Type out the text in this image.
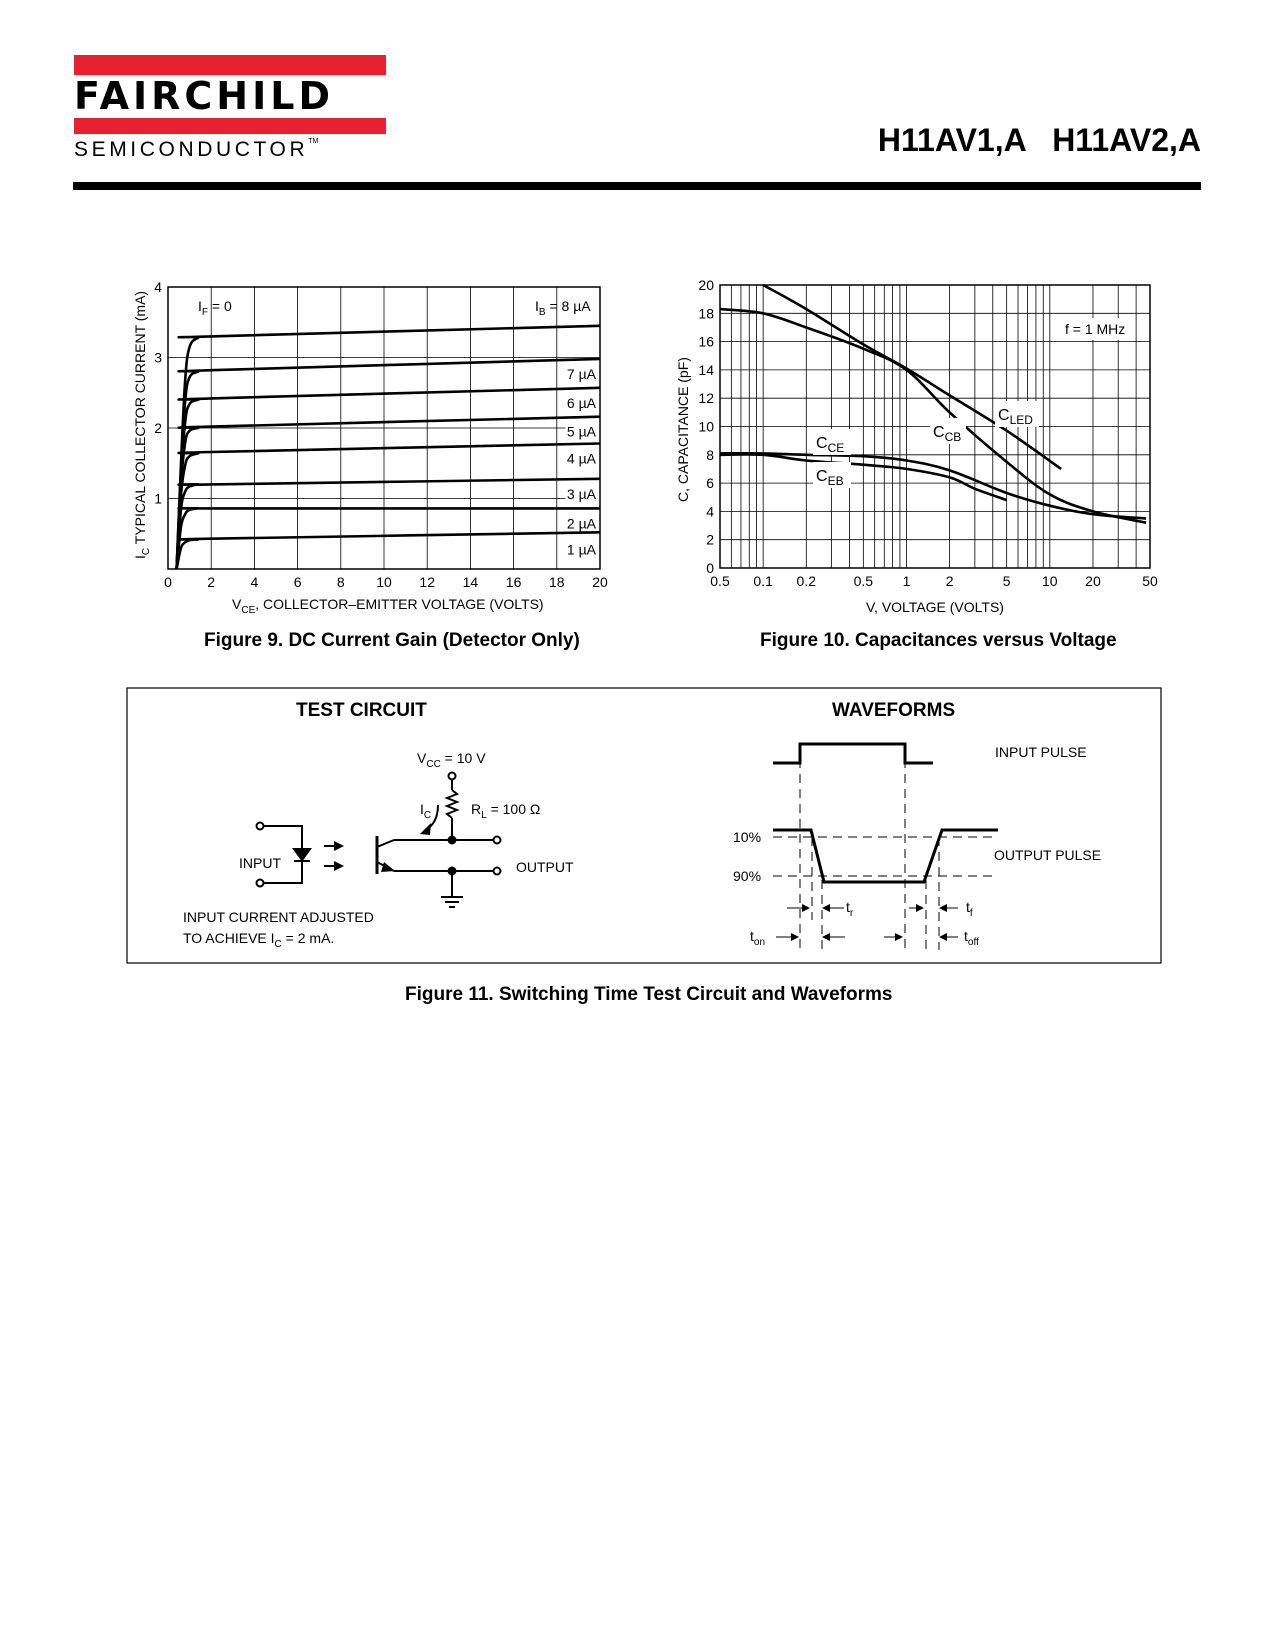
FAIRCHILD
SEMICONDUCTOR™	H11AV1,A   H11AV2,A
7 µA
6 µA
5 µA
4 µA
3 µA
2 µA
1 µA
0	2	4	6	8 10 12 14 16 18 20
1
2
3
4
$I_F = 0$	$I_B = 8$ µA
$I_C$ TYPICAL COLLECTOR CURRENT (mA)
$V_{CE}$, COLLECTOR–EMITTER VOLTAGE (VOLTS)
Figure 9. DC Current Gain (Detector Only)
0.5 0.1 0.2	0.5 1	2	5 10 20	50
0
2
4
6
8
10
12
14
16
18
20
f = 1 MHz
C, CAPACITANCE (pF)
V, VOLTAGE (VOLTS)
$C_{LED}$
$C_{CB}$
$C_{CE}$
$C_{EB}$
Figure 10. Capacitances versus Voltage
TEST CIRCUIT	WAVEFORMS
$V_{CC} = 10$ V
$R_L = 100$ Ω
$I_C$
INPUT	OUTPUT
INPUT CURRENT ADJUSTED
TO ACHIEVE $I_C = 2$ mA.
INPUT PULSE
OUTPUT PULSE
10%
90%
$t_r$	$t_f$
$t_{on}$	$t_{off}$
Figure 11. Switching Time Test Circuit and Waveforms
